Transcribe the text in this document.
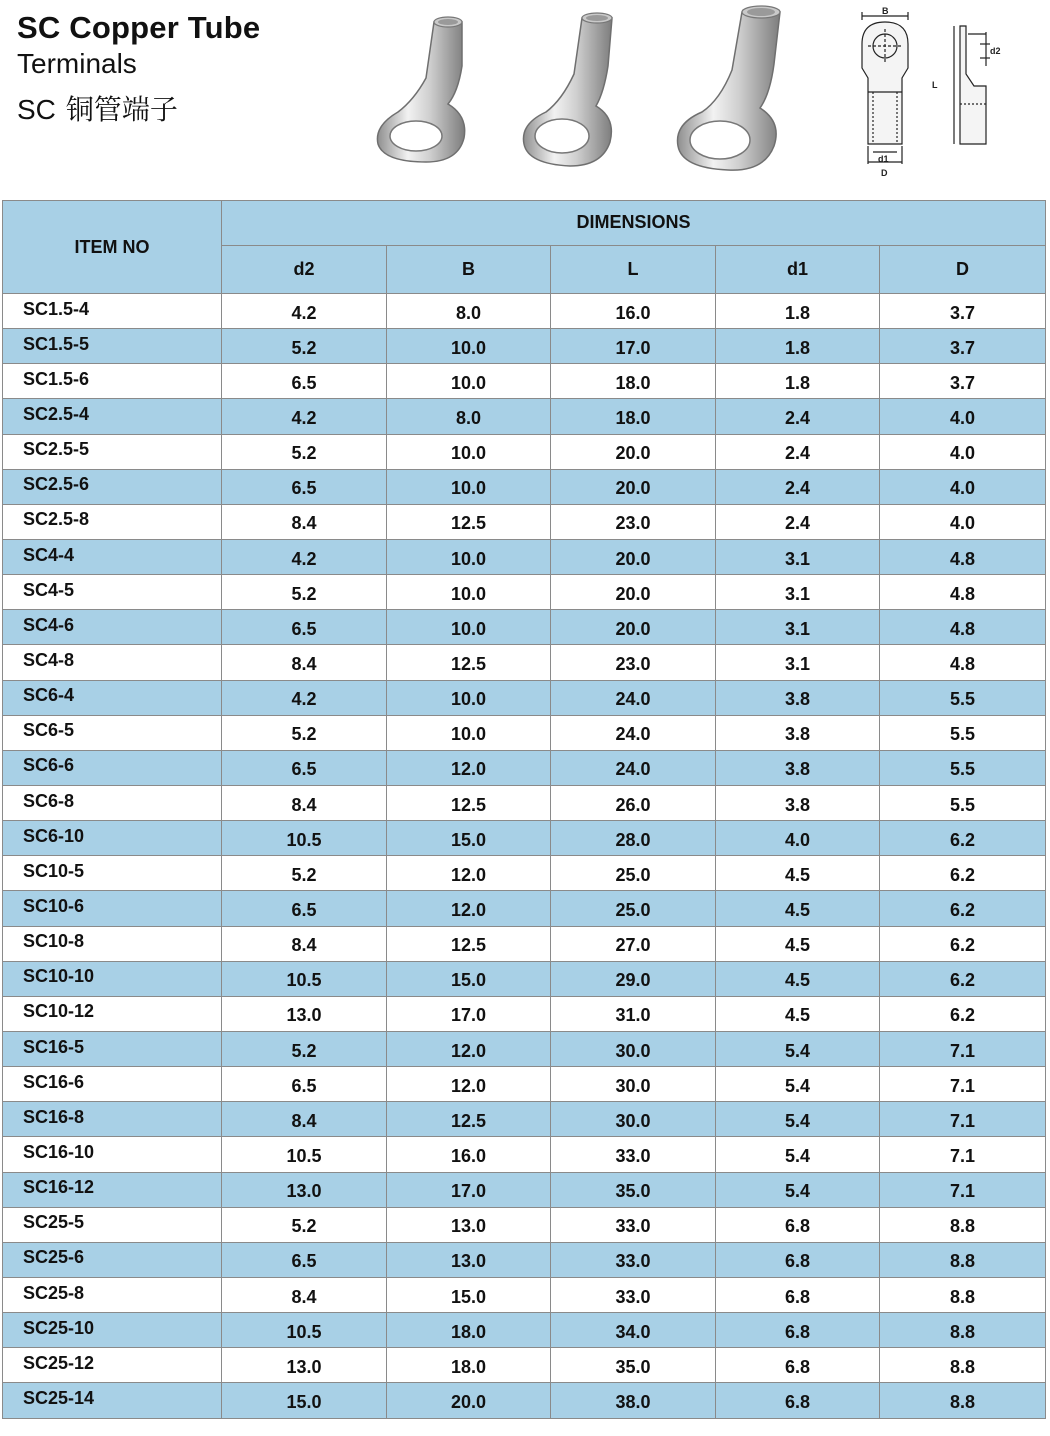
SC Copper Tube
Terminals
SC 铜管端子
B
d2
L
d1
D
ITEM NO	DIMENSIONS				
	d2	B	L	d1	D
SC1.5-4	4.2	8.0	16.0	1.8	3.7
SC1.5-5	5.2	10.0	17.0	1.8	3.7
SC1.5-6	6.5	10.0	18.0	1.8	3.7
SC2.5-4	4.2	8.0	18.0	2.4	4.0
SC2.5-5	5.2	10.0	20.0	2.4	4.0
SC2.5-6	6.5	10.0	20.0	2.4	4.0
SC2.5-8	8.4	12.5	23.0	2.4	4.0
SC4-4	4.2	10.0	20.0	3.1	4.8
SC4-5	5.2	10.0	20.0	3.1	4.8
SC4-6	6.5	10.0	20.0	3.1	4.8
SC4-8	8.4	12.5	23.0	3.1	4.8
SC6-4	4.2	10.0	24.0	3.8	5.5
SC6-5	5.2	10.0	24.0	3.8	5.5
SC6-6	6.5	12.0	24.0	3.8	5.5
SC6-8	8.4	12.5	26.0	3.8	5.5
SC6-10	10.5	15.0	28.0	4.0	6.2
SC10-5	5.2	12.0	25.0	4.5	6.2
SC10-6	6.5	12.0	25.0	4.5	6.2
SC10-8	8.4	12.5	27.0	4.5	6.2
SC10-10	10.5	15.0	29.0	4.5	6.2
SC10-12	13.0	17.0	31.0	4.5	6.2
SC16-5	5.2	12.0	30.0	5.4	7.1
SC16-6	6.5	12.0	30.0	5.4	7.1
SC16-8	8.4	12.5	30.0	5.4	7.1
SC16-10	10.5	16.0	33.0	5.4	7.1
SC16-12	13.0	17.0	35.0	5.4	7.1
SC25-5	5.2	13.0	33.0	6.8	8.8
SC25-6	6.5	13.0	33.0	6.8	8.8
SC25-8	8.4	15.0	33.0	6.8	8.8
SC25-10	10.5	18.0	34.0	6.8	8.8
SC25-12	13.0	18.0	35.0	6.8	8.8
SC25-14	15.0	20.0	38.0	6.8	8.8
